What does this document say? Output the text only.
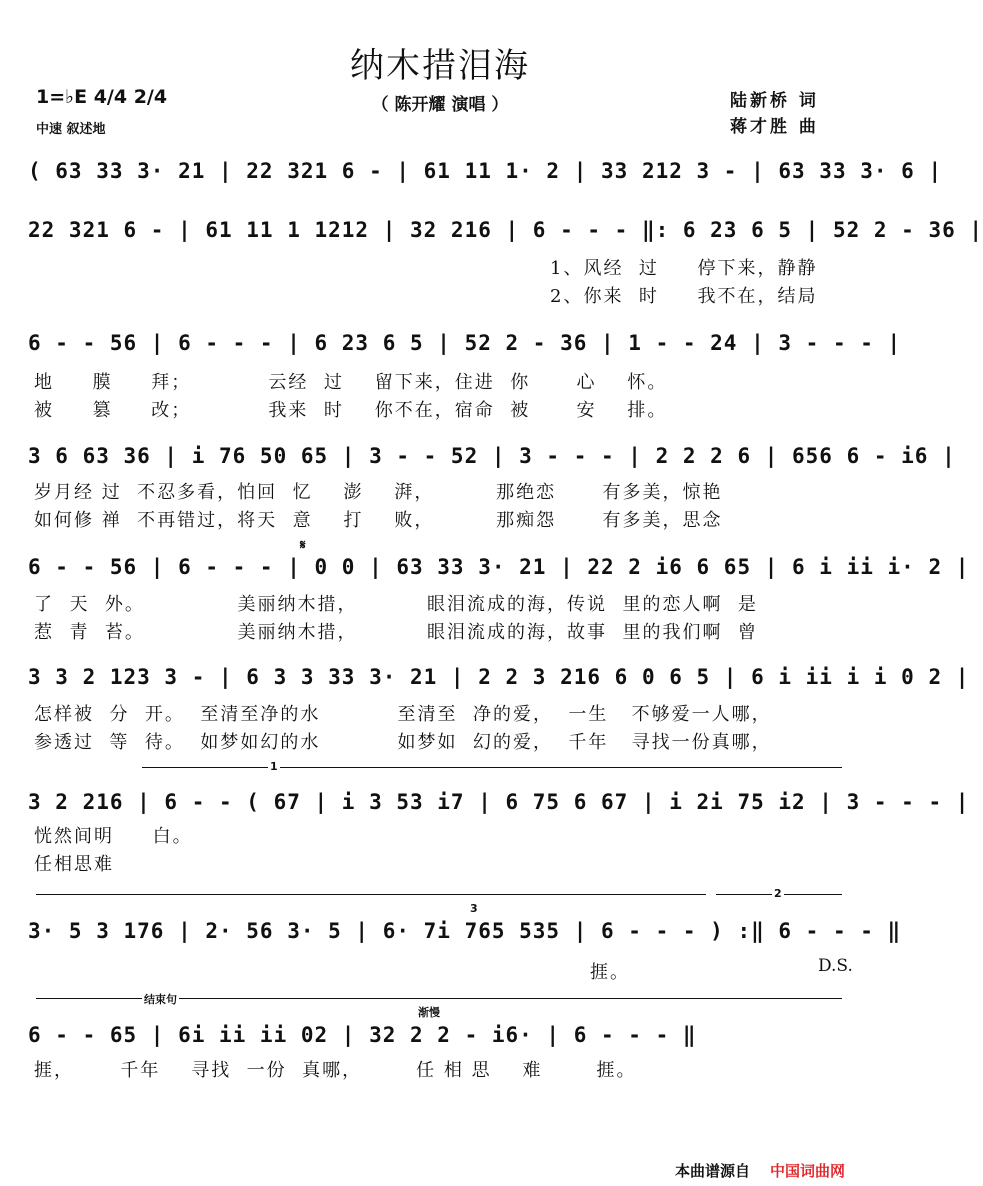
纳木措泪海
（ 陈开耀 演唱 ）
1=♭E 4/4 2/4
中速 叙述地
陆新桥 词
蒋才胜 曲
( 63 33 3· 21 | 22 321 6 - | 61 11 1· 2 | 33 212 3 - | 63 33 3· 6 |
22 321 6 - | 61 11 1 1212 | 32 216 | 6 - - - ‖: 6 23 6 5 | 52 2 - 36 |
1、风经  过     停下来，静静
2、你来  时     我不在，结局
6 - - 56 | 6 - - - | 6 23 6 5 | 52 2 - 36 | 1 - - 24 | 3 - - - |
地     膜     拜；          云经  过    留下来，住进  你      心    怀。
被     篡     改；          我来  时    你不在，宿命  被      安    排。
3 6 63 36 | i 76 50 65 | 3 - - 52 | 3 - - - | 2 2 2 6 | 656 6 - i6 |
岁月经 过  不忍多看，怕回  忆    澎    湃，        那绝恋      有多美，惊艳
如何修 禅  不再错过，将天  意    打    败，        那痴怨      有多美，思念
𝄋
6 - - 56 | 6 - - - | 0 0 | 63 33 3· 21 | 22 2 i6 6 65 | 6 i ii i· 2 |
了  天  外。            美丽纳木措，         眼泪流成的海，传说  里的恋人啊  是
惹  青  苔。            美丽纳木措，         眼泪流成的海，故事  里的我们啊  曾
3 3 2 123 3 - | 6 3 3 33 3· 21 | 2 2 3 216 6 0 6 5 | 6 i ii i i 0 2 |
怎样被  分  开。  至清至净的水          至清至  净的爱，  一生   不够爱一人哪，
参透过  等  待。  如梦如幻的水          如梦如  幻的爱，  千年   寻找一份真哪，
1
3 2 216 | 6 - - ( 67 | i 3 53 i7 | 6 75 6 67 | i 2i 75 i2 | 3 - - - |
恍然间明     白。
任相思难
2
3
3· 5 3 176 | 2· 56 3· 5 | 6· 7i 765 535 | 6 - - - ) :‖ 6 - - - ‖
捱。	D.S.
结束句
渐慢
6 - - 65 | 6i ii ii 02 | 32 2 2 - i6· | 6 - - - ‖
捱，      千年    寻找  一份  真哪，       任 相 思    难       捱。
本曲谱源自 中国词曲网
